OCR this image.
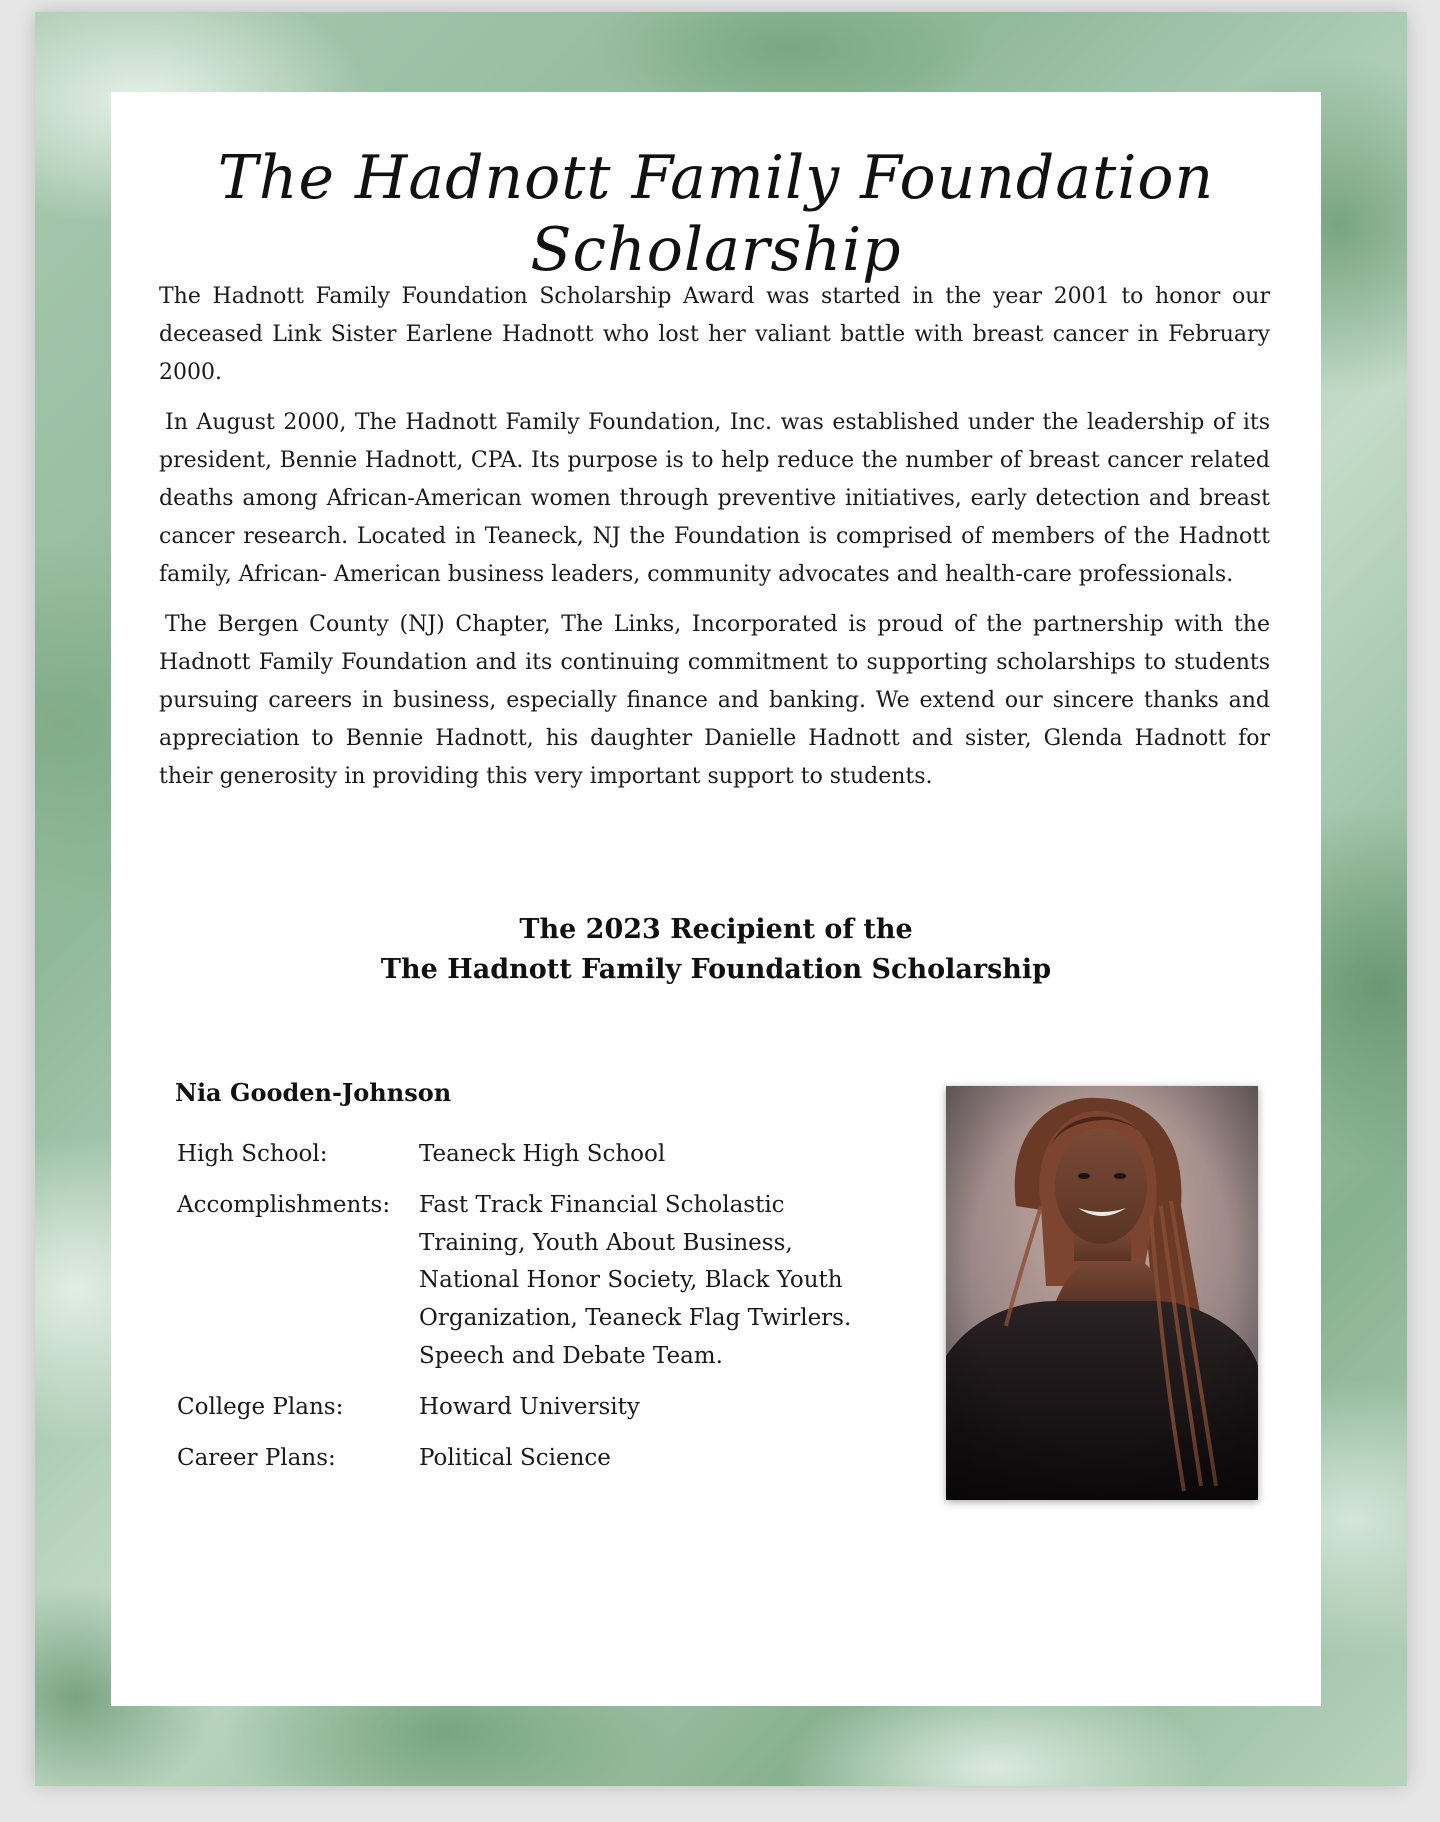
The Hadnott Family Foundation Scholarship

The Hadnott Family Foundation Scholarship Award was started in the year 2001 to honor our deceased Link Sister Earlene Hadnott who lost her valiant battle with breast cancer in February 2000.

In August 2000, The Hadnott Family Foundation, Inc. was established under the leadership of its president, Bennie Hadnott, CPA. Its purpose is to help reduce the number of breast cancer related deaths among African-American women through preventive initiatives, early detection and breast cancer research. Located in Teaneck, NJ the Foundation is comprised of members of the Hadnott family, African- American business leaders, community advocates and health-care professionals.

The Bergen County (NJ) Chapter, The Links, Incorporated is proud of the partnership with the Hadnott Family Foundation and its continuing commitment to supporting scholarships to students pursuing careers in business, especially finance and banking. We extend our sincere thanks and appreciation to Bennie Hadnott, his daughter Danielle Hadnott and sister, Glenda Hadnott for their generosity in providing this very important support to students.

The 2023 Recipient of the
The Hadnott Family Foundation Scholarship
Nia Gooden-Johnson
High School:	Teaneck High School
Accomplishments:	Fast Track Financial Scholastic Training, Youth About Business, National Honor Society, Black Youth Organization, Teaneck Flag Twirlers. Speech and Debate Team.
College Plans:	Howard University
Career Plans:	Political Science
